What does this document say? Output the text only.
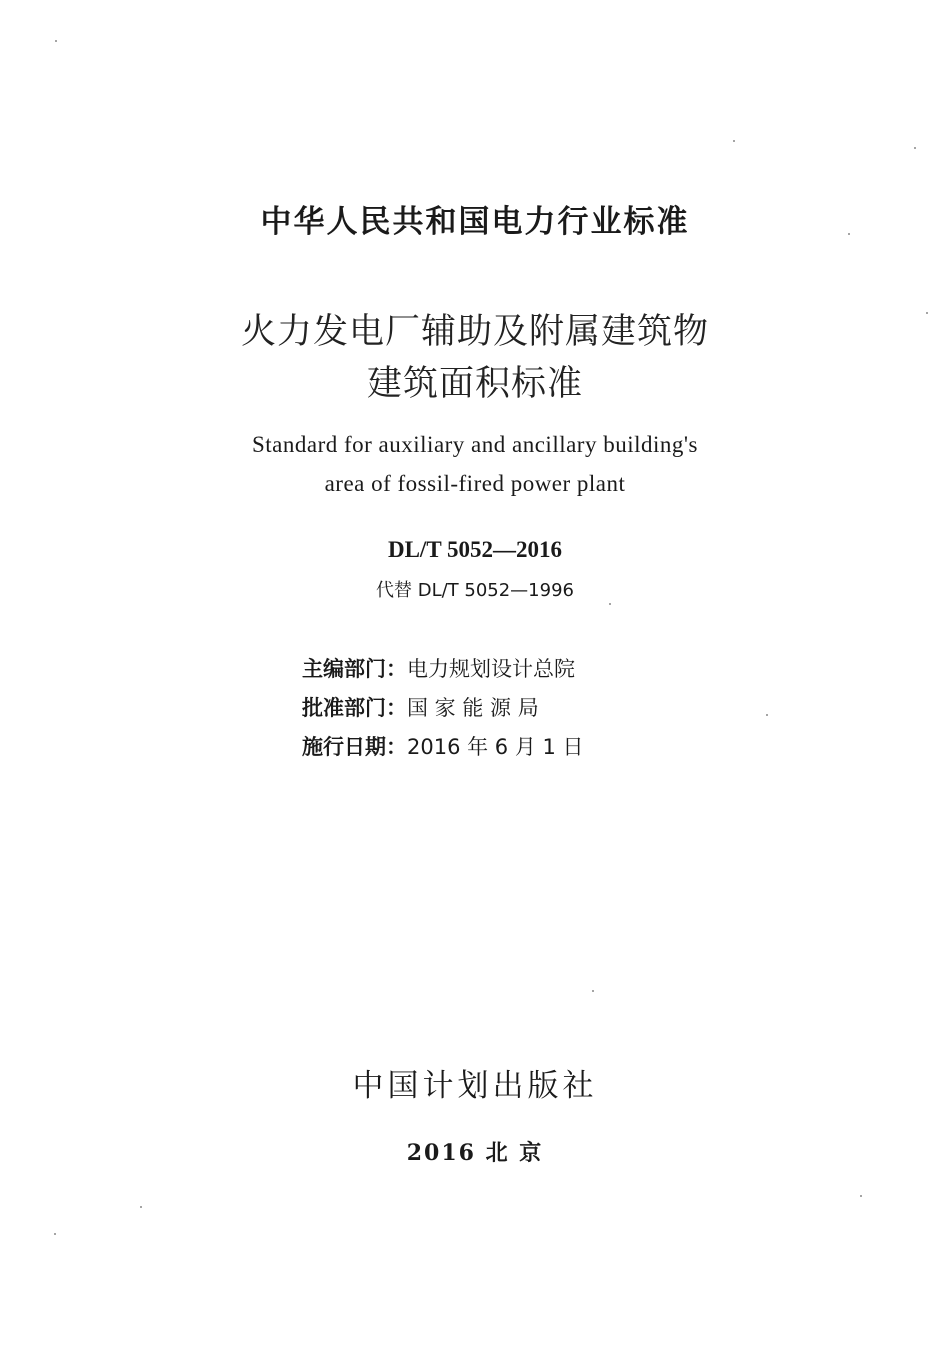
中华人民共和国电力行业标准
火力发电厂辅助及附属建筑物
建筑面积标准
Standard for auxiliary and ancillary building's
area of fossil-fired power plant
DL/T 5052—2016
代替 DL/T 5052—1996
主编部门：电力规划设计总院
批准部门：国 家 能 源 局
施行日期：2016 年 6 月 1 日
中国计划出版社
2016 北 京
